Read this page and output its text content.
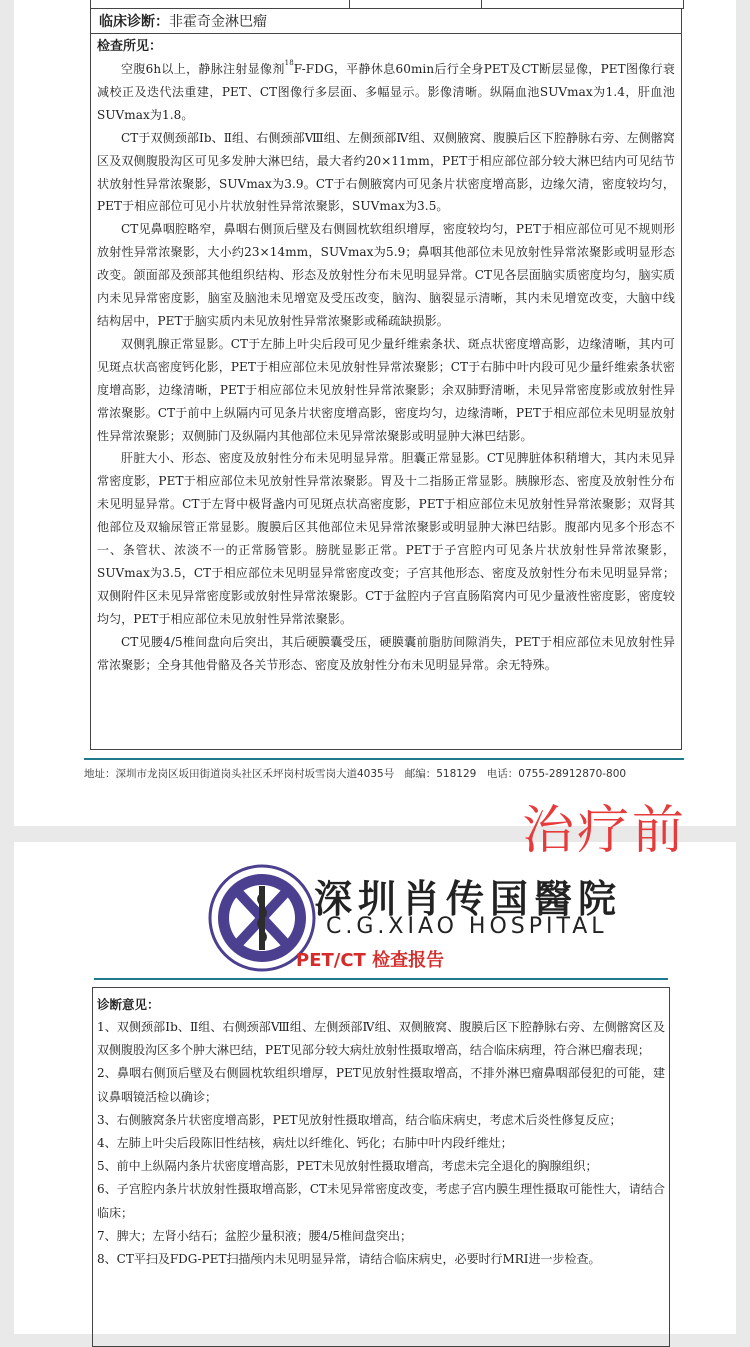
临床诊断：非霍奇金淋巴瘤
检查所见：

空腹6h以上，静脉注射显像剂$^{18}$F-FDG，平静休息60min后行全身PET及CT断层显像，PET图像行衰减校正及迭代法重建，PET、CT图像行多层面、多幅显示。影像清晰。纵隔血池SUVmax为1.4，肝血池SUVmax为1.8。

CT于双侧颈部Ⅰb、Ⅱ组、右侧颈部Ⅷ组、左侧颈部Ⅳ组、双侧腋窝、腹膜后区下腔静脉右旁、左侧髂窝区及双侧腹股沟区可见多发肿大淋巴结，最大者约20×11mm，PET于相应部位部分较大淋巴结内可见结节状放射性异常浓聚影，SUVmax为3.9。CT于右侧腋窝内可见条片状密度增高影，边缘欠清，密度较均匀，PET于相应部位可见小片状放射性异常浓聚影，SUVmax为3.5。

CT见鼻咽腔略窄，鼻咽右侧顶后壁及右侧圆枕软组织增厚，密度较均匀，PET于相应部位可见不规则形放射性异常浓聚影，大小约23×14mm，SUVmax为5.9；鼻咽其他部位未见放射性异常浓聚影或明显形态改变。颌面部及颈部其他组织结构、形态及放射性分布未见明显异常。CT见各层面脑实质密度均匀，脑实质内未见异常密度影，脑室及脑池未见增宽及受压改变，脑沟、脑裂显示清晰，其内未见增宽改变，大脑中线结构居中，PET于脑实质内未见放射性异常浓聚影或稀疏缺损影。

双侧乳腺正常显影。CT于左肺上叶尖后段可见少量纤维索条状、斑点状密度增高影，边缘清晰，其内可见斑点状高密度钙化影，PET于相应部位未见放射性异常浓聚影；CT于右肺中叶内段可见少量纤维索条状密度增高影，边缘清晰，PET于相应部位未见放射性异常浓聚影；余双肺野清晰，未见异常密度影或放射性异常浓聚影。CT于前中上纵隔内可见条片状密度增高影，密度均匀，边缘清晰，PET于相应部位未见明显放射性异常浓聚影；双侧肺门及纵隔内其他部位未见异常浓聚影或明显肿大淋巴结影。

肝脏大小、形态、密度及放射性分布未见明显异常。胆囊正常显影。CT见脾脏体积稍增大，其内未见异常密度影，PET于相应部位未见放射性异常浓聚影。胃及十二指肠正常显影。胰腺形态、密度及放射性分布未见明显异常。CT于左肾中极肾盏内可见斑点状高密度影，PET于相应部位未见放射性异常浓聚影；双肾其他部位及双输尿管正常显影。腹膜后区其他部位未见异常浓聚影或明显肿大淋巴结影。腹部内见多个形态不一、条管状、浓淡不一的正常肠管影。膀胱显影正常。PET于子宫腔内可见条片状放射性异常浓聚影，SUVmax为3.5，CT于相应部位未见明显异常密度改变；子宫其他形态、密度及放射性分布未见明显异常；双侧附件区未见异常密度影或放射性异常浓聚影。CT于盆腔内子宫直肠陷窝内可见少量液性密度影，密度较均匀，PET于相应部位未见放射性异常浓聚影。

CT见腰4/5椎间盘向后突出，其后硬膜囊受压，硬膜囊前脂肪间隙消失，PET于相应部位未见放射性异常浓聚影；全身其他骨骼及各关节形态、密度及放射性分布未见明显异常。余无特殊。

地址：深圳市龙岗区坂田街道岗头社区禾坪岗村坂雪岗大道4035号　邮编：518129　电话：0755-28912870-800
治疗前
深圳肖传国醫院
C.G.XIAO HOSPITAL
PET/CT 检查报告
诊断意见：

1、双侧颈部Ⅰb、Ⅱ组、右侧颈部Ⅷ组、左侧颈部Ⅳ组、双侧腋窝、腹膜后区下腔静脉右旁、左侧髂窝区及双侧腹股沟区多个肿大淋巴结，PET见部分较大病灶放射性摄取增高，结合临床病理，符合淋巴瘤表现；

2、鼻咽右侧顶后壁及右侧圆枕软组织增厚，PET见放射性摄取增高，不排外淋巴瘤鼻咽部侵犯的可能，建议鼻咽镜活检以确诊；

3、右侧腋窝条片状密度增高影，PET见放射性摄取增高，结合临床病史，考虑术后炎性修复反应；

4、左肺上叶尖后段陈旧性结核，病灶以纤维化、钙化；右肺中叶内段纤维灶；

5、前中上纵隔内条片状密度增高影，PET未见放射性摄取增高，考虑未完全退化的胸腺组织；

6、子宫腔内条片状放射性摄取增高影，CT未见异常密度改变，考虑子宫内膜生理性摄取可能性大，请结合临床；

7、脾大；左肾小结石；盆腔少量积液；腰4/5椎间盘突出；

8、CT平扫及FDG-PET扫描颅内未见明显异常，请结合临床病史，必要时行MRI进一步检查。
